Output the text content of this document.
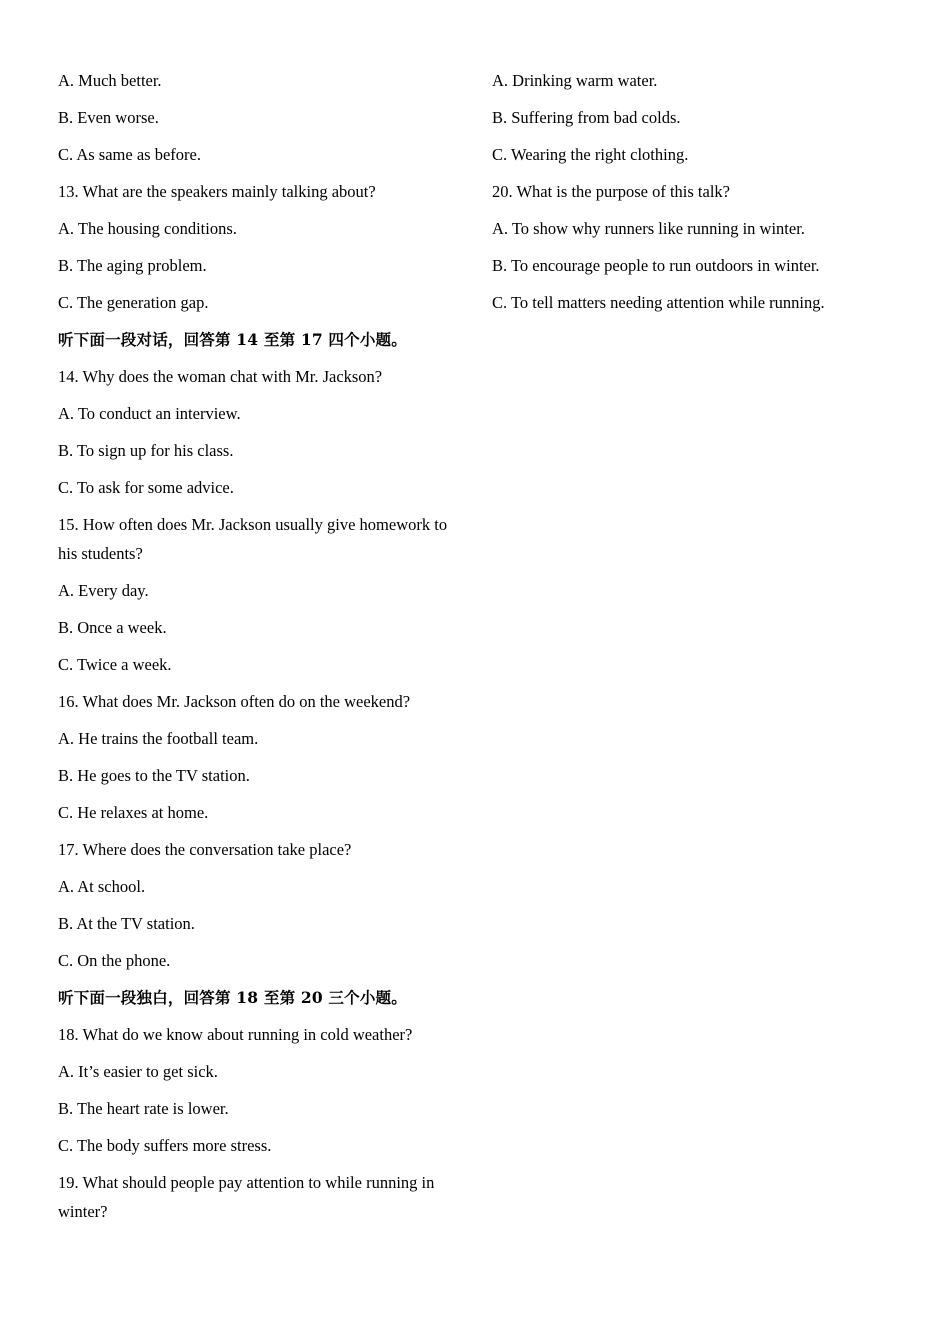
A. Much better.
B. Even worse.
C. As same as before.
13. What are the speakers mainly talking about?
A. The housing conditions.
B. The aging problem.
C. The generation gap.
听下面一段对话，回答第 14 至第 17 四个小题。
14. Why does the woman chat with Mr. Jackson?
A. To conduct an interview.
B. To sign up for his class.
C. To ask for some advice.
15. How often does Mr. Jackson usually give homework to his students?
A. Every day.
B. Once a week.
C. Twice a week.
16. What does Mr. Jackson often do on the weekend?
A. He trains the football team.
B. He goes to the TV station.
C. He relaxes at home.
17. Where does the conversation take place?
A. At school.
B. At the TV station.
C. On the phone.
听下面一段独白，回答第 18 至第 20 三个小题。
18. What do we know about running in cold weather?
A. It’s easier to get sick.
B. The heart rate is lower.
C. The body suffers more stress.
19. What should people pay attention to while running in winter?
A. Drinking warm water.
B. Suffering from bad colds.
C. Wearing the right clothing.
20. What is the purpose of this talk?
A. To show why runners like running in winter.
B. To encourage people to run outdoors in winter.
C. To tell matters needing attention while running.
